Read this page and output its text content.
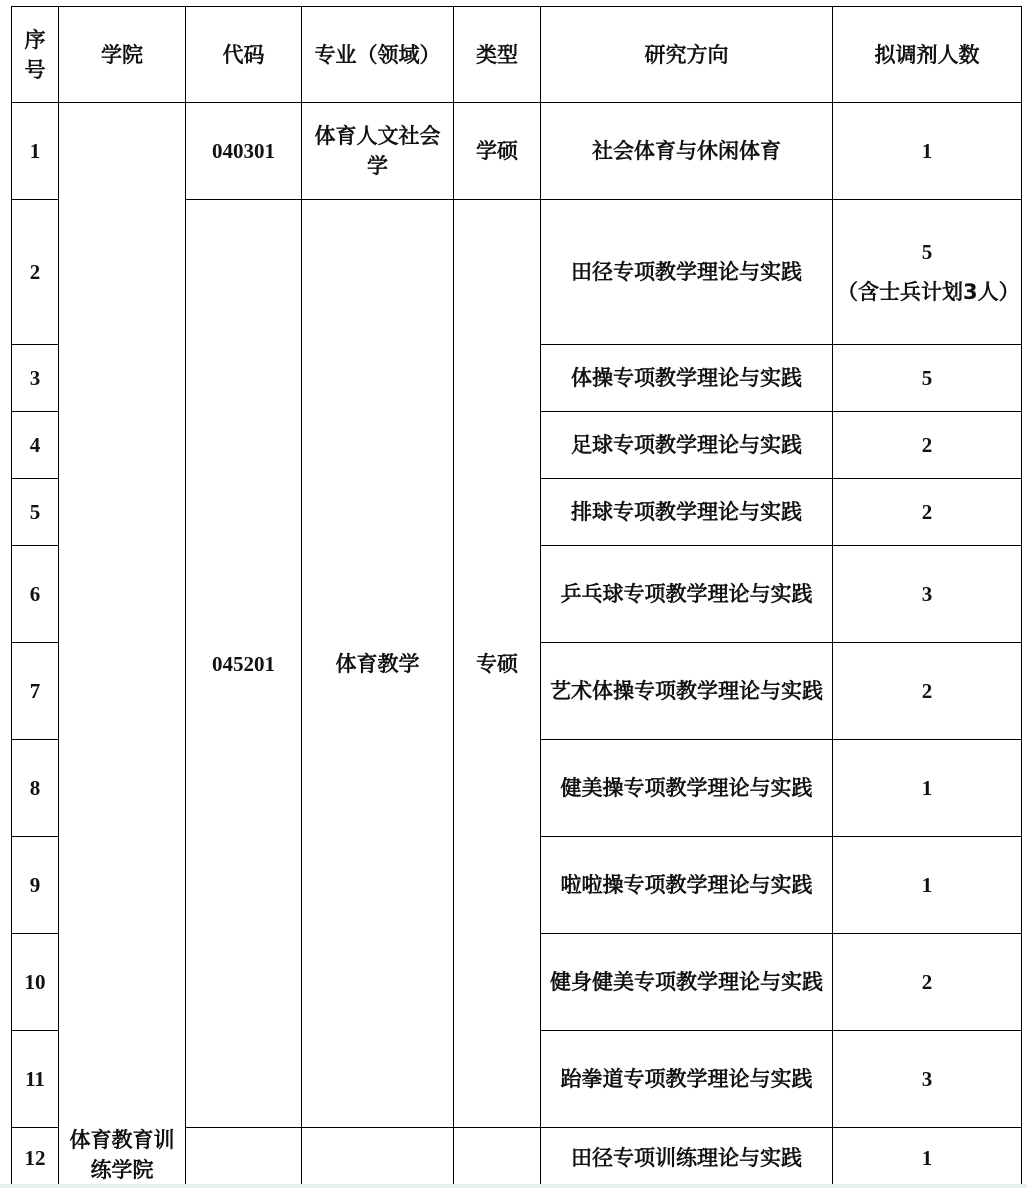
序号	学院	代码	专业（领域）	类型	研究方向	拟调剂人数
1	体育教育训练学院	040301	体育人文社会学	学硕	社会体育与休闲体育	1
2		045201	体育教学	专硕	田径专项教学理论与实践	5
（含士兵计划3人）

3					体操专项教学理论与实践	5
4					足球专项教学理论与实践	2
5					排球专项教学理论与实践	2
6					乒乓球专项教学理论与实践	3
7					艺术体操专项教学理论与实践	2
8					健美操专项教学理论与实践	1
9					啦啦操专项教学理论与实践	1
10					健身健美专项教学理论与实践	2
11					跆拳道专项教学理论与实践	3
12					田径专项训练理论与实践	1
